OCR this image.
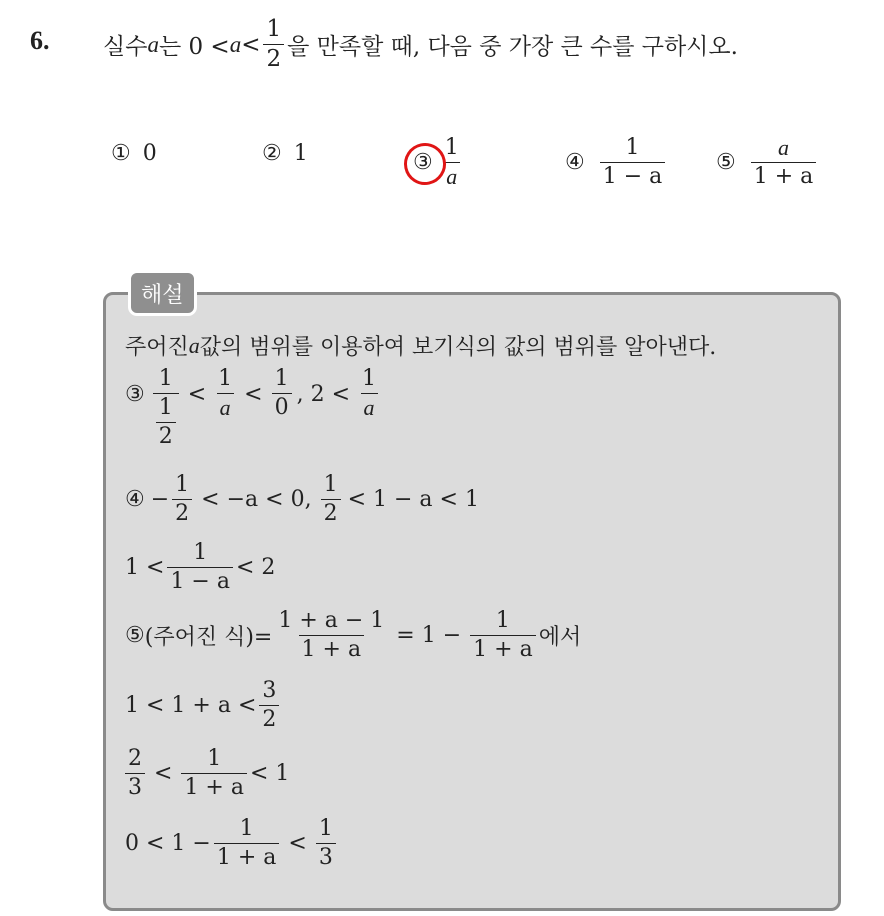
6. 실수 a 는 $0 < a < \frac{1}{2}$ 을 만족할 때, 다음 중 가장 큰 수를 구하시오.
① 0	② 1	③ $\frac{1}{a}$	④ $\frac{1}{1 - a}$ ⑤ $\frac{a}{1 + a}$
해설
주어진 a 값의 범위를 이용하여 보기식의 값의 범위를 알아낸다.
③ $\frac{1}{\frac{1}{2}} < \frac{1}{a} < \frac{1}{0}$ , $2 < \frac{1}{a}$
④ − $\frac{1}{2} < -a < 0$, $\frac{1}{2} < 1 - a < 1$
$1 < \frac{1}{1 - a} < 2$
⑤ (주어진 식)= $\frac{1 + a - 1}{1 + a} = 1 - \frac{1}{1 + a}$ 에서
$1 < 1 + a < \frac{3}{2}$
$\frac{2}{3} < \frac{1}{1 + a} < 1$
$0 < 1 - \frac{1}{1 + a} < \frac{1}{3}$
